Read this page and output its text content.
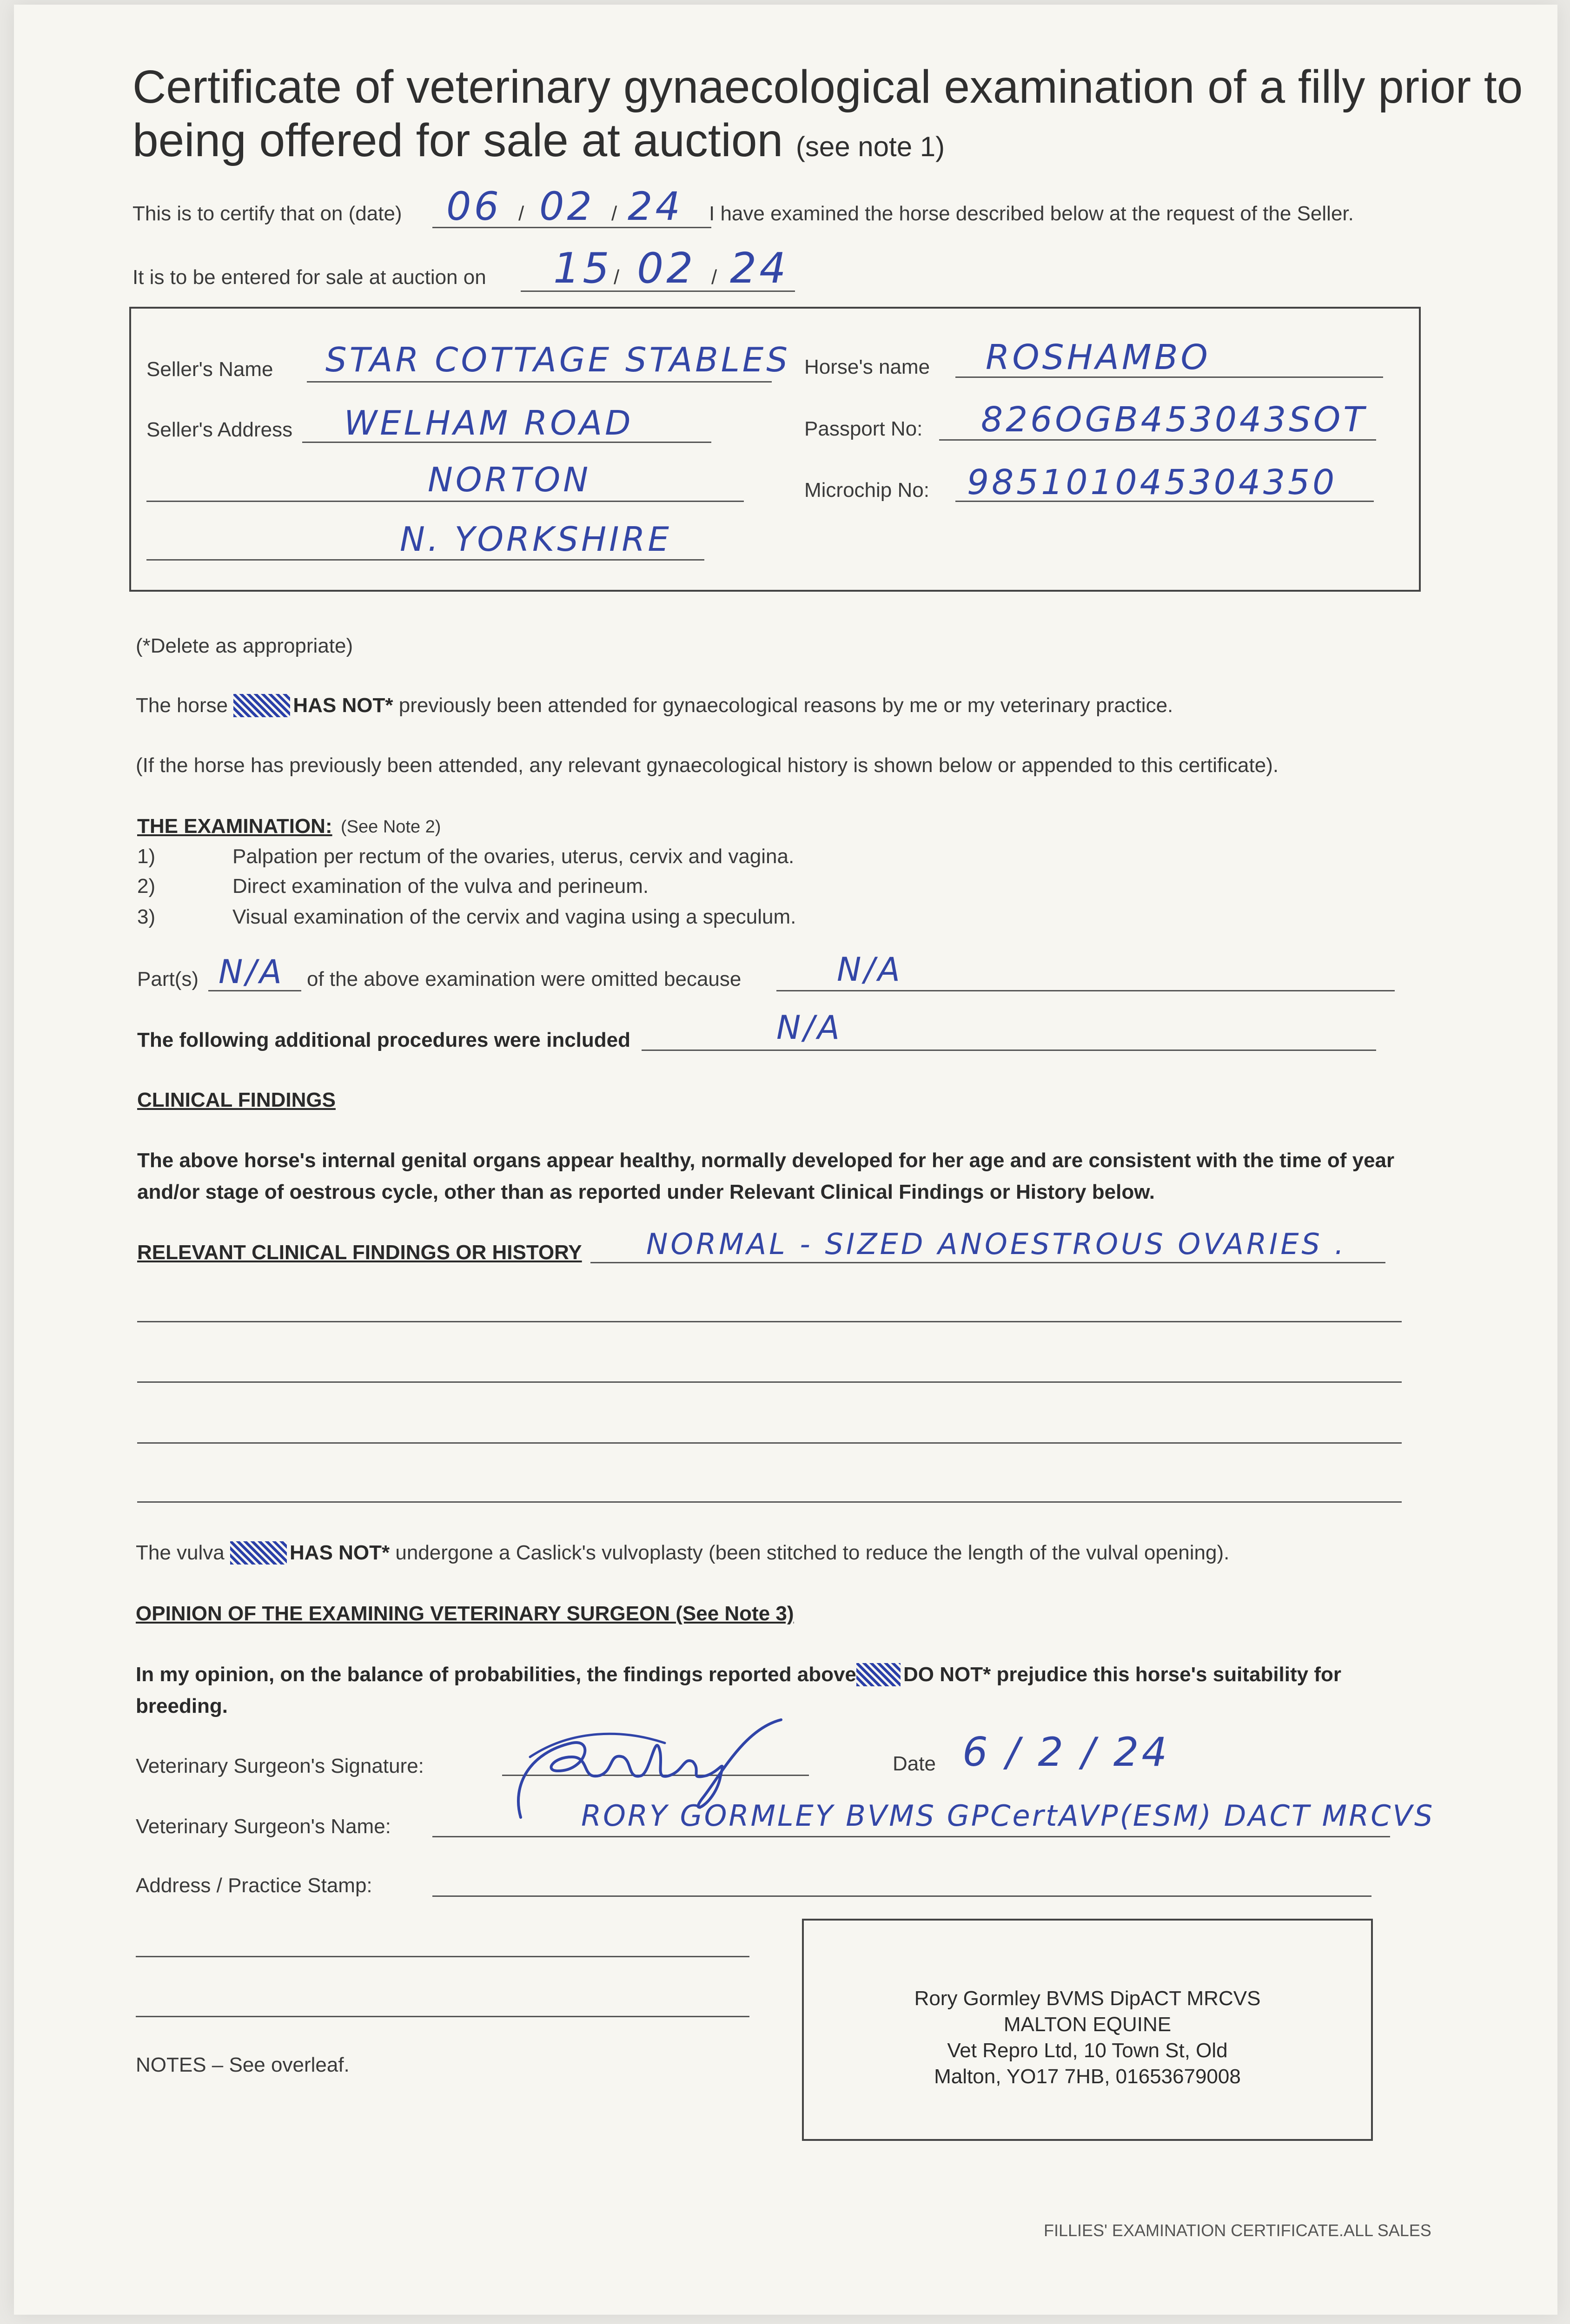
Certificate of veterinary gynaecological examination of a filly prior to
being offered for sale at auction (see note 1)
This is to certify that on (date) 06 / 02 / 24 I have examined the horse described below at the request of the Seller.
It is to be entered for sale at auction on 15 / 02 / 24
Seller's Name STAR COTTAGE STABLES
Seller's Address WELHAM ROAD
NORTON
N. YORKSHIRE
Horse's name ROSHAMBO
Passport No: 826OGB453043SOT
Microchip No: 985101045304350
(*Delete as appropriate)
The horse	HAS NOT* previously been attended for gynaecological reasons by me or my veterinary practice.
(If the horse has previously been attended, any relevant gynaecological history is shown below or appended to this certificate).
THE EXAMINATION: (See Note 2)
1)	Palpation per rectum of the ovaries, uterus, cervix and vagina.
2)	Direct examination of the vulva and perineum.
3)	Visual examination of the cervix and vagina using a speculum.
Part(s) N/A of the above examination were omitted because	N/A
The following additional procedures were included	N/A
CLINICAL FINDINGS
The above horse's internal genital organs appear healthy, normally developed for her age and are consistent with the time of year
and/or stage of oestrous cycle, other than as reported under Relevant Clinical Findings or History below.
RELEVANT CLINICAL FINDINGS OR HISTORY NORMAL - SIZED ANOESTROUS OVARIES .
The vulva	HAS NOT* undergone a Caslick's vulvoplasty (been stitched to reduce the length of the vulval opening).
OPINION OF THE EXAMINING VETERINARY SURGEON (See Note 3)
In my opinion, on the balance of probabilities, the findings reported above DO NOT* prejudice this horse's suitability for
breeding.
Veterinary Surgeon's Signature:	Date 6 / 2 / 24
Veterinary Surgeon's Name:	RORY GORMLEY BVMS GPCertAVP(ESM) DACT MRCVS
Address / Practice Stamp:
Rory Gormley BVMS DipACT MRCVS
MALTON EQUINE
Vet Repro Ltd, 10 Town St, Old
Malton, YO17 7HB, 01653679008
NOTES – See overleaf.
FILLIES' EXAMINATION CERTIFICATE.ALL SALES
